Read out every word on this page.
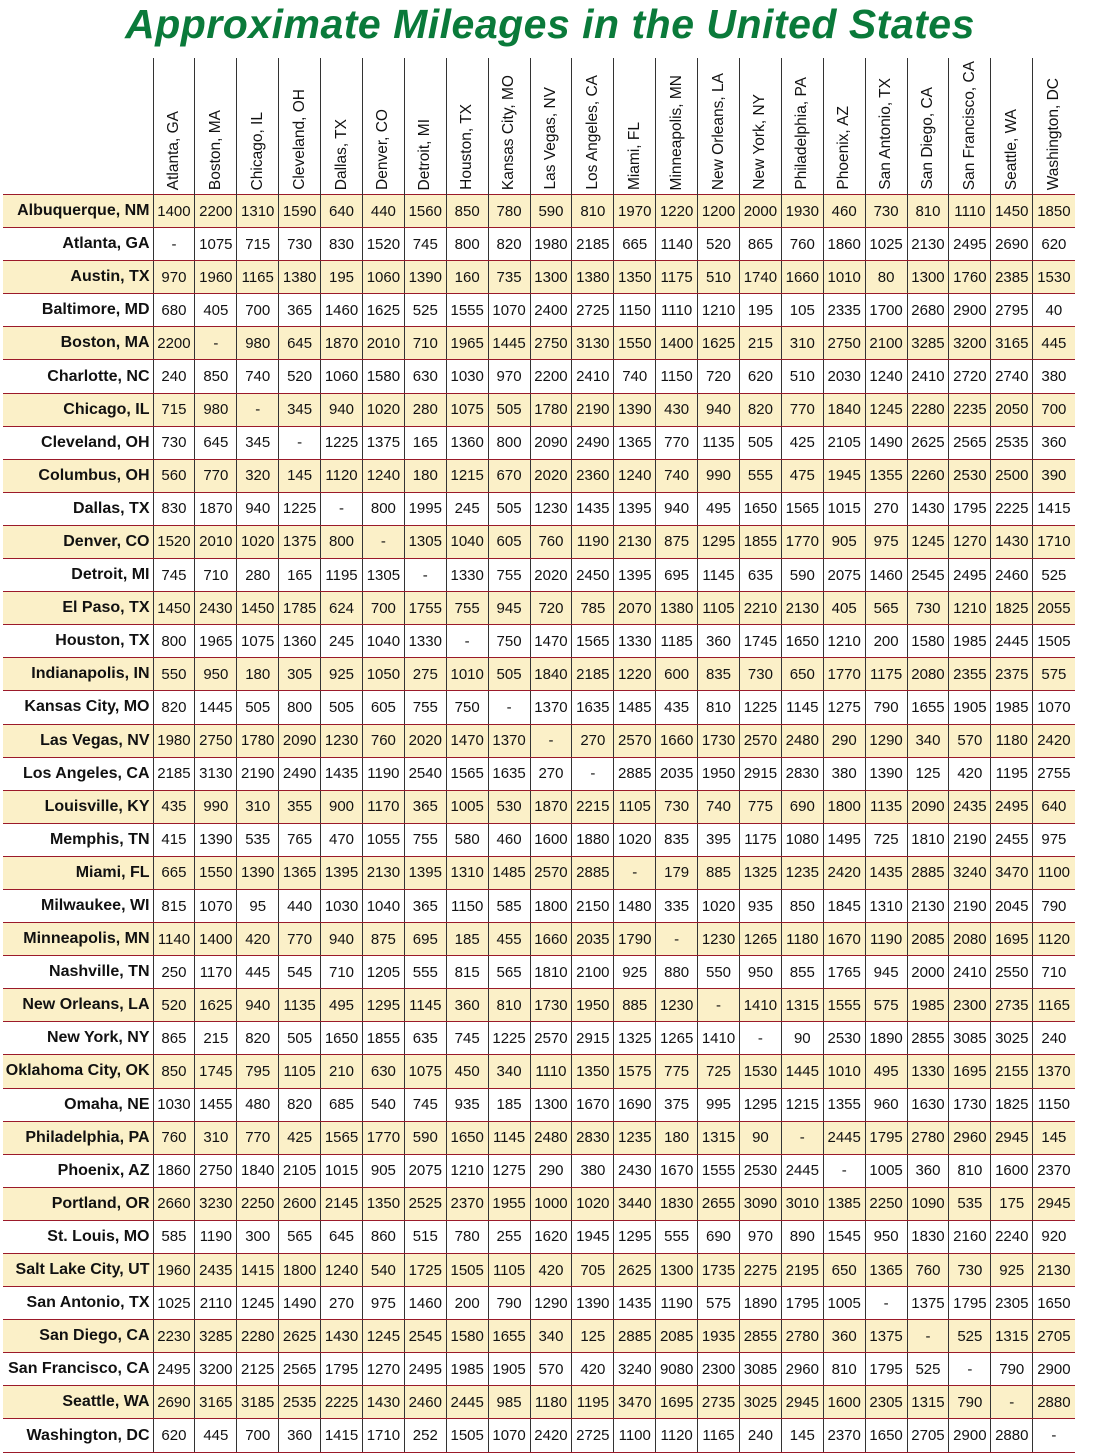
Approximate Mileages in the United States

	Atlanta, GA	Boston, MA	Chicago, IL	Cleveland, OH	Dallas, TX	Denver, CO	Detroit, MI	Houston, TX	Kansas City, MO	Las Vegas, NV	Los Angeles, CA	Miami, FL	Minneapolis, MN	New Orleans, LA	New York, NY	Philadelphia, PA	Phoenix, AZ	San Antonio, TX	San Diego, CA	San Francisco, CA	Seattle, WA	Washington, DC

Albuquerque, NM	1400	2200	1310	1590	640	440	1560	850	780	590	810	1970	1220	1200	2000	1930	460	730	810	1110	1450	1850
Atlanta, GA	-	1075	715	730	830	1520	745	800	820	1980	2185	665	1140	520	865	760	1860	1025	2130	2495	2690	620
Austin, TX	970	1960	1165	1380	195	1060	1390	160	735	1300	1380	1350	1175	510	1740	1660	1010	80	1300	1760	2385	1530
Baltimore, MD	680	405	700	365	1460	1625	525	1555	1070	2400	2725	1150	1110	1210	195	105	2335	1700	2680	2900	2795	40
Boston, MA	2200	-	980	645	1870	2010	710	1965	1445	2750	3130	1550	1400	1625	215	310	2750	2100	3285	3200	3165	445
Charlotte, NC	240	850	740	520	1060	1580	630	1030	970	2200	2410	740	1150	720	620	510	2030	1240	2410	2720	2740	380
Chicago, IL	715	980	-	345	940	1020	280	1075	505	1780	2190	1390	430	940	820	770	1840	1245	2280	2235	2050	700
Cleveland, OH	730	645	345	-	1225	1375	165	1360	800	2090	2490	1365	770	1135	505	425	2105	1490	2625	2565	2535	360
Columbus, OH	560	770	320	145	1120	1240	180	1215	670	2020	2360	1240	740	990	555	475	1945	1355	2260	2530	2500	390
Dallas, TX	830	1870	940	1225	-	800	1995	245	505	1230	1435	1395	940	495	1650	1565	1015	270	1430	1795	2225	1415
Denver, CO	1520	2010	1020	1375	800	-	1305	1040	605	760	1190	2130	875	1295	1855	1770	905	975	1245	1270	1430	1710
Detroit, MI	745	710	280	165	1195	1305	-	1330	755	2020	2450	1395	695	1145	635	590	2075	1460	2545	2495	2460	525
El Paso, TX	1450	2430	1450	1785	624	700	1755	755	945	720	785	2070	1380	1105	2210	2130	405	565	730	1210	1825	2055
Houston, TX	800	1965	1075	1360	245	1040	1330	-	750	1470	1565	1330	1185	360	1745	1650	1210	200	1580	1985	2445	1505
Indianapolis, IN	550	950	180	305	925	1050	275	1010	505	1840	2185	1220	600	835	730	650	1770	1175	2080	2355	2375	575
Kansas City, MO	820	1445	505	800	505	605	755	750	-	1370	1635	1485	435	810	1225	1145	1275	790	1655	1905	1985	1070
Las Vegas, NV	1980	2750	1780	2090	1230	760	2020	1470	1370	-	270	2570	1660	1730	2570	2480	290	1290	340	570	1180	2420
Los Angeles, CA	2185	3130	2190	2490	1435	1190	2540	1565	1635	270	-	2885	2035	1950	2915	2830	380	1390	125	420	1195	2755
Louisville, KY	435	990	310	355	900	1170	365	1005	530	1870	2215	1105	730	740	775	690	1800	1135	2090	2435	2495	640
Memphis, TN	415	1390	535	765	470	1055	755	580	460	1600	1880	1020	835	395	1175	1080	1495	725	1810	2190	2455	975
Miami, FL	665	1550	1390	1365	1395	2130	1395	1310	1485	2570	2885	-	179	885	1325	1235	2420	1435	2885	3240	3470	1100
Milwaukee, WI	815	1070	95	440	1030	1040	365	1150	585	1800	2150	1480	335	1020	935	850	1845	1310	2130	2190	2045	790
Minneapolis, MN	1140	1400	420	770	940	875	695	185	455	1660	2035	1790	-	1230	1265	1180	1670	1190	2085	2080	1695	1120
Nashville, TN	250	1170	445	545	710	1205	555	815	565	1810	2100	925	880	550	950	855	1765	945	2000	2410	2550	710
New Orleans, LA	520	1625	940	1135	495	1295	1145	360	810	1730	1950	885	1230	-	1410	1315	1555	575	1985	2300	2735	1165
New York, NY	865	215	820	505	1650	1855	635	745	1225	2570	2915	1325	1265	1410	-	90	2530	1890	2855	3085	3025	240
Oklahoma City, OK	850	1745	795	1105	210	630	1075	450	340	1110	1350	1575	775	725	1530	1445	1010	495	1330	1695	2155	1370
Omaha, NE	1030	1455	480	820	685	540	745	935	185	1300	1670	1690	375	995	1295	1215	1355	960	1630	1730	1825	1150
Philadelphia, PA	760	310	770	425	1565	1770	590	1650	1145	2480	2830	1235	180	1315	90	-	2445	1795	2780	2960	2945	145
Phoenix, AZ	1860	2750	1840	2105	1015	905	2075	1210	1275	290	380	2430	1670	1555	2530	2445	-	1005	360	810	1600	2370
Portland, OR	2660	3230	2250	2600	2145	1350	2525	2370	1955	1000	1020	3440	1830	2655	3090	3010	1385	2250	1090	535	175	2945
St. Louis, MO	585	1190	300	565	645	860	515	780	255	1620	1945	1295	555	690	970	890	1545	950	1830	2160	2240	920
Salt Lake City, UT	1960	2435	1415	1800	1240	540	1725	1505	1105	420	705	2625	1300	1735	2275	2195	650	1365	760	730	925	2130
San Antonio, TX	1025	2110	1245	1490	270	975	1460	200	790	1290	1390	1435	1190	575	1890	1795	1005	-	1375	1795	2305	1650
San Diego, CA	2230	3285	2280	2625	1430	1245	2545	1580	1655	340	125	2885	2085	1935	2855	2780	360	1375	-	525	1315	2705
San Francisco, CA	2495	3200	2125	2565	1795	1270	2495	1985	1905	570	420	3240	9080	2300	3085	2960	810	1795	525	-	790	2900
Seattle, WA	2690	3165	3185	2535	2225	1430	2460	2445	985	1180	1195	3470	1695	2735	3025	2945	1600	2305	1315	790	-	2880
Washington, DC	620	445	700	360	1415	1710	252	1505	1070	2420	2725	1100	1120	1165	240	145	2370	1650	2705	2900	2880	-
